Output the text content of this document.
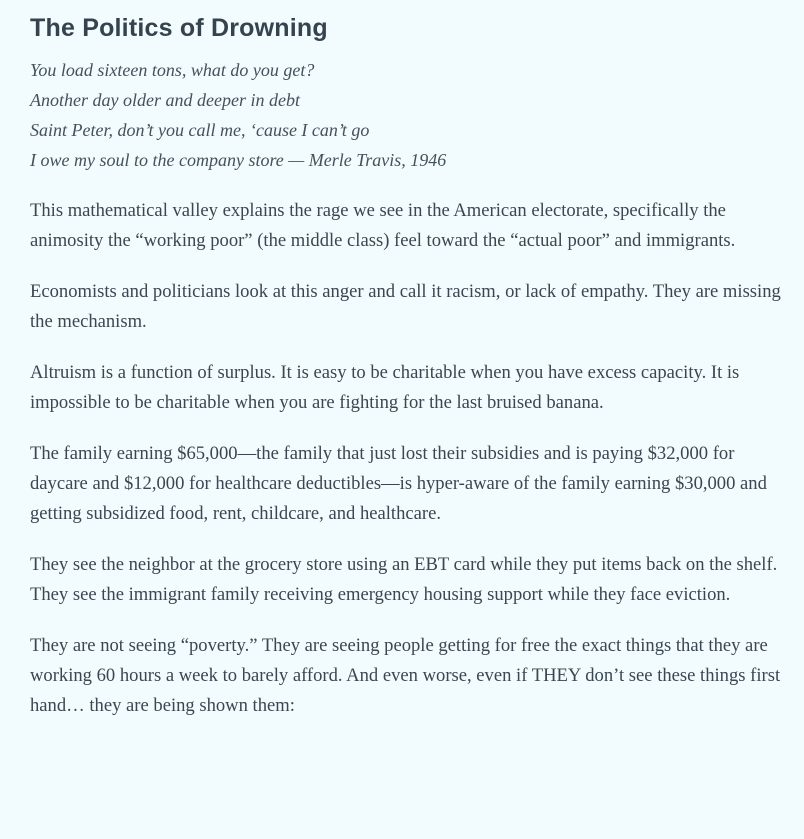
The Politics of Drowning
You load sixteen tons, what do you get?
Another day older and deeper in debt
Saint Peter, don’t you call me, ‘cause I can’t go
I owe my soul to the company store — Merle Travis, 1946

This mathematical valley explains the rage we see in the American electorate, specifically the animosity the “working poor” (the middle class) feel toward the “actual poor” and immigrants.

Economists and politicians look at this anger and call it racism, or lack of empathy. They are missing the mechanism.

Altruism is a function of surplus. It is easy to be charitable when you have excess capacity. It is impossible to be charitable when you are fighting for the last bruised banana.

The family earning $65,000—the family that just lost their subsidies and is paying $32,000 for daycare and $12,000 for healthcare deductibles—is hyper-aware of the family earning $30,000 and getting subsidized food, rent, childcare, and healthcare.

They see the neighbor at the grocery store using an EBT card while they put items back on the shelf. They see the immigrant family receiving emergency housing support while they face eviction.

They are not seeing “poverty.” They are seeing people getting for free the exact things that they are working 60 hours a week to barely afford. And even worse, even if THEY don’t see these things first hand… they are being shown them:
